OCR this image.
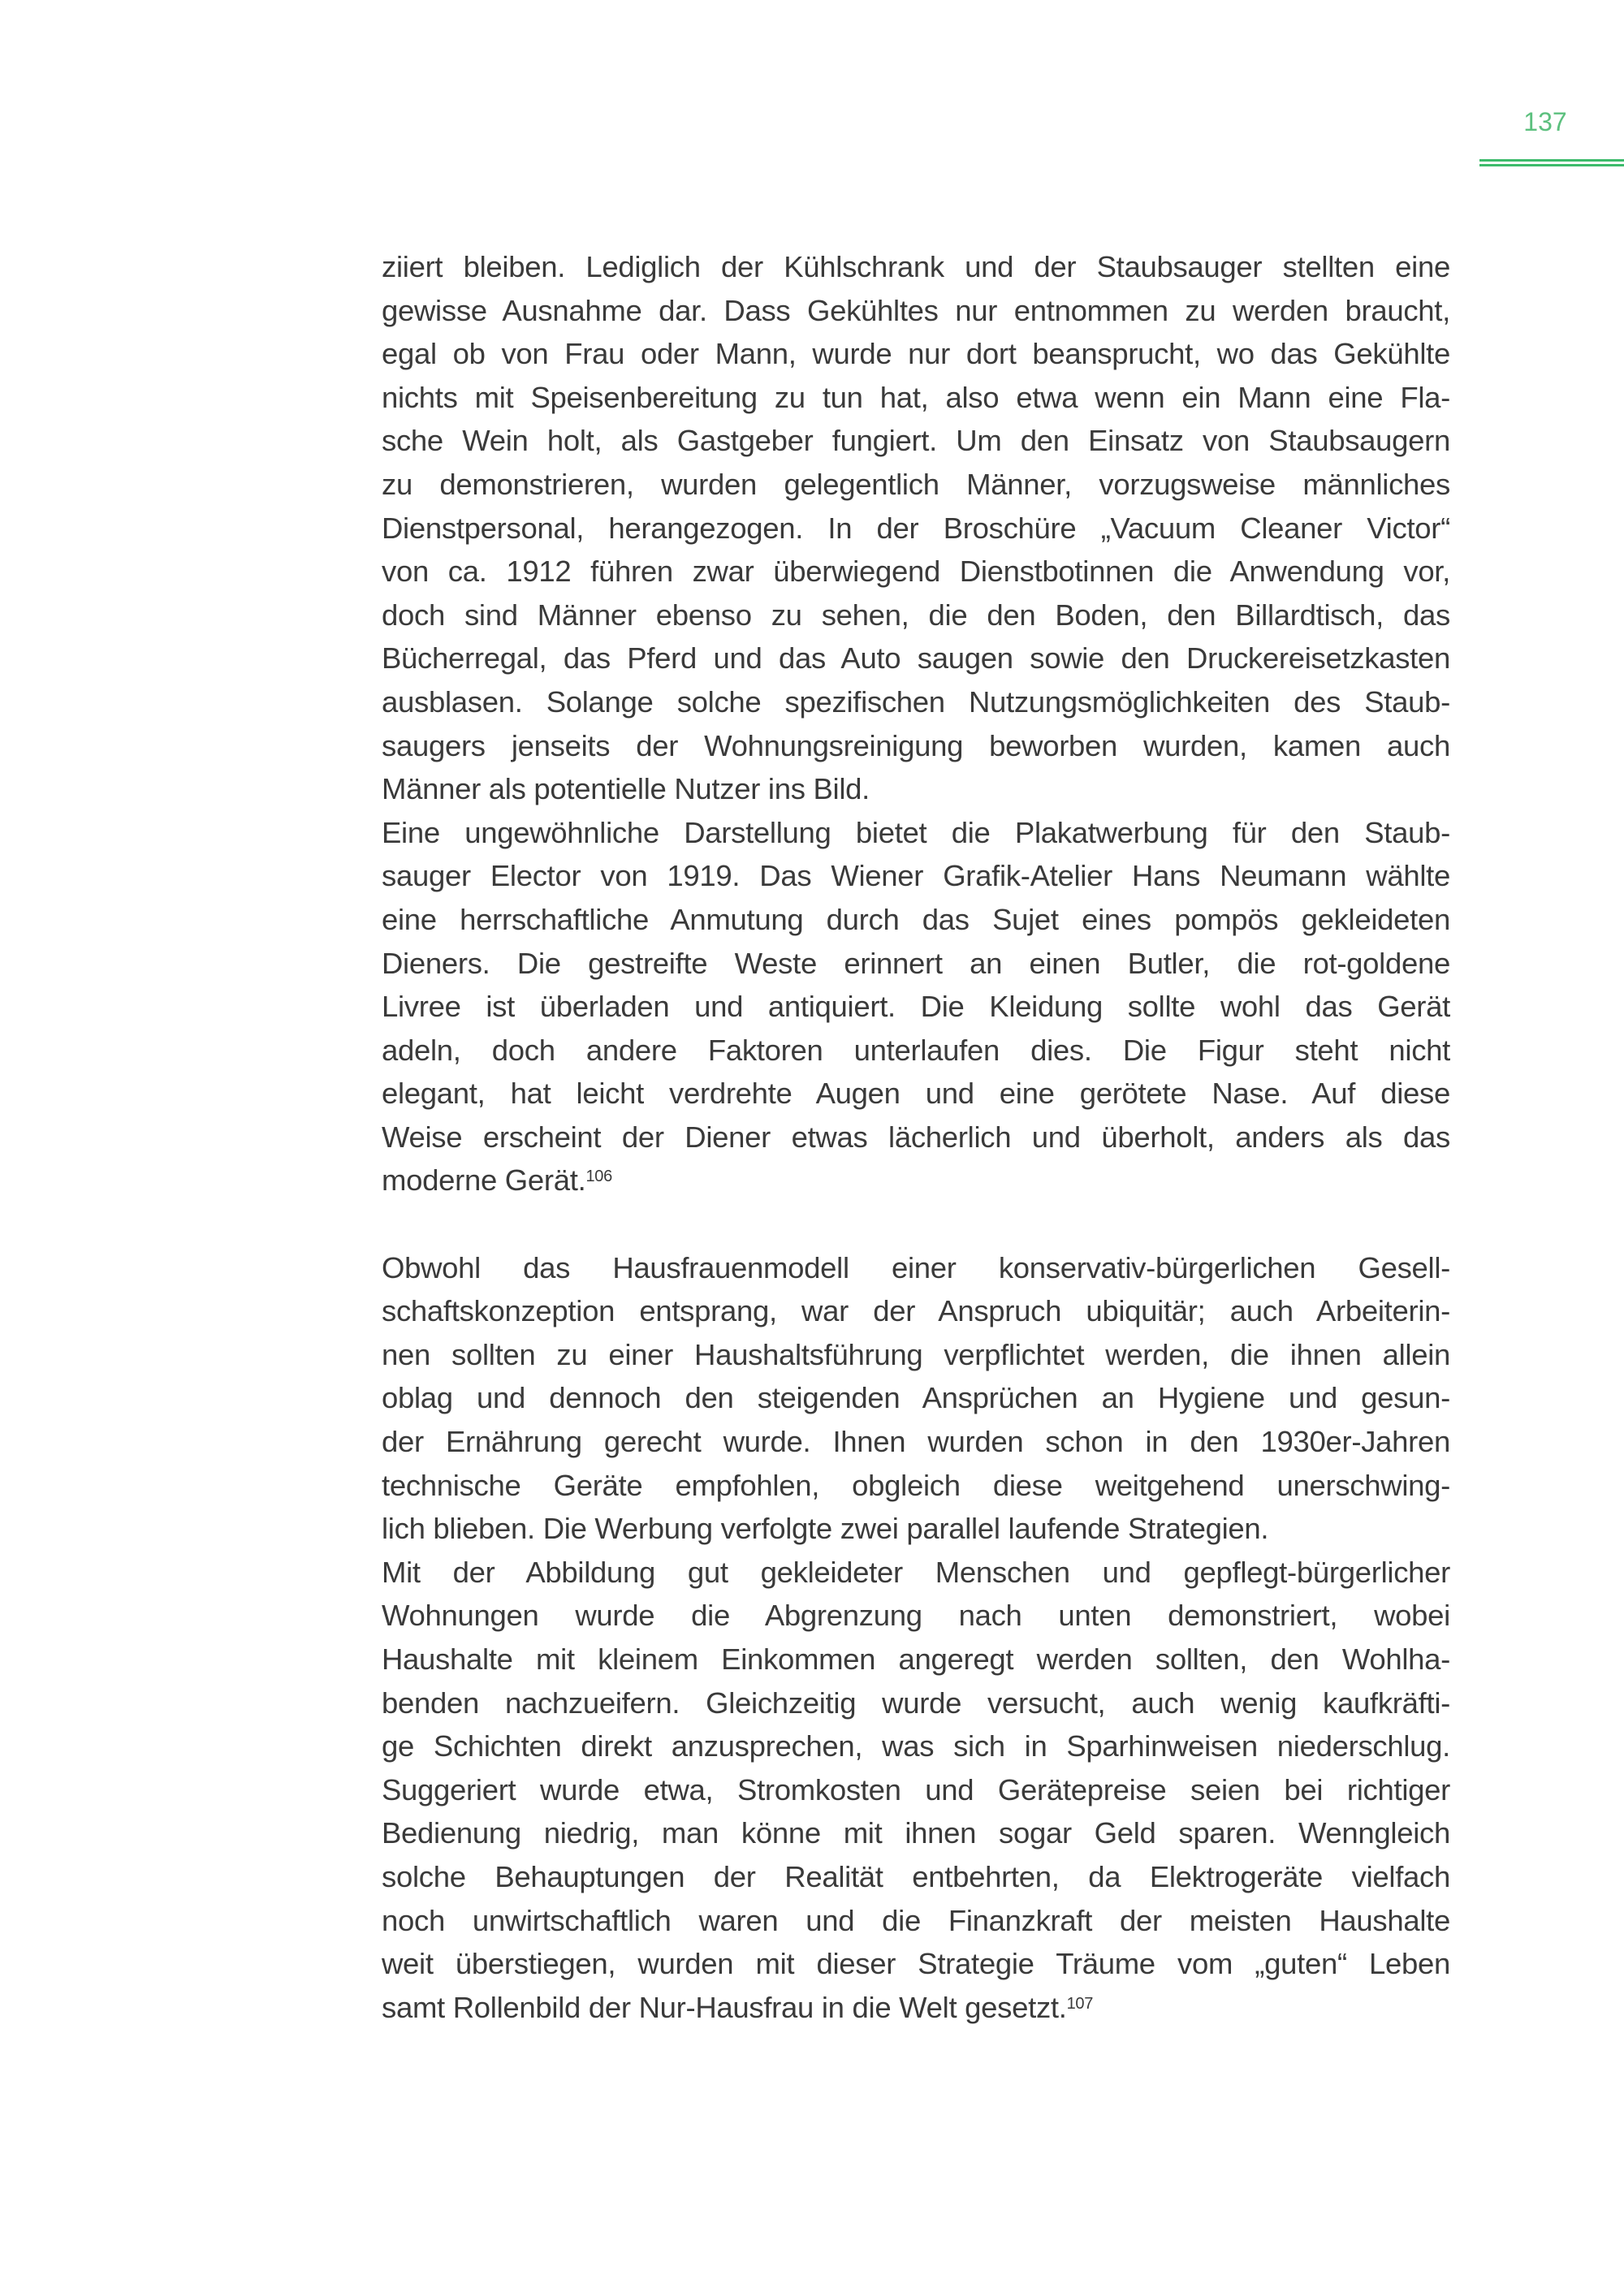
137
ziiert bleiben. Lediglich der Kühlschrank und der Staubsauger stellten eine
gewisse Ausnahme dar. Dass Gekühltes nur entnommen zu werden braucht,
egal ob von Frau oder Mann, wurde nur dort beansprucht, wo das Gekühlte
nichts mit Speisenbereitung zu tun hat, also etwa wenn ein Mann eine Fla-
sche Wein holt, als Gastgeber fungiert. Um den Einsatz von Staubsaugern
zu demonstrieren, wurden gelegentlich Männer, vorzugsweise männliches
Dienstpersonal, herangezogen. In der Broschüre „Vacuum Cleaner Victor“
von ca. 1912 führen zwar überwiegend Dienstbotinnen die Anwendung vor,
doch sind Männer ebenso zu sehen, die den Boden, den Billardtisch, das
Bücherregal, das Pferd und das Auto saugen sowie den Druckereisetzkasten
ausblasen. Solange solche spezifischen Nutzungsmöglichkeiten des Staub-
saugers jenseits der Wohnungsreinigung beworben wurden, kamen auch
Männer als potentielle Nutzer ins Bild.
Eine ungewöhnliche Darstellung bietet die Plakatwerbung für den Staub-
sauger Elector von 1919. Das Wiener Grafik-Atelier Hans Neumann wählte
eine herrschaftliche Anmutung durch das Sujet eines pompös gekleideten
Dieners. Die gestreifte Weste erinnert an einen Butler, die rot-goldene
Livree ist überladen und antiquiert. Die Kleidung sollte wohl das Gerät
adeln, doch andere Faktoren unterlaufen dies. Die Figur steht nicht
elegant, hat leicht verdrehte Augen und eine gerötete Nase. Auf diese
Weise erscheint der Diener etwas lächerlich und überholt, anders als das
moderne Gerät.$^{106}$
Obwohl das Hausfrauenmodell einer konservativ-bürgerlichen Gesell-
schaftskonzeption entsprang, war der Anspruch ubiquitär; auch Arbeiterin-
nen sollten zu einer Haushaltsführung verpflichtet werden, die ihnen allein
oblag und dennoch den steigenden Ansprüchen an Hygiene und gesun-
der Ernährung gerecht wurde. Ihnen wurden schon in den 1930er-Jahren
technische Geräte empfohlen, obgleich diese weitgehend unerschwing-
lich blieben. Die Werbung verfolgte zwei parallel laufende Strategien.
Mit der Abbildung gut gekleideter Menschen und gepflegt-bürgerlicher
Wohnungen wurde die Abgrenzung nach unten demonstriert, wobei
Haushalte mit kleinem Einkommen angeregt werden sollten, den Wohlha-
benden nachzueifern. Gleichzeitig wurde versucht, auch wenig kaufkräfti-
ge Schichten direkt anzusprechen, was sich in Sparhinweisen niederschlug.
Suggeriert wurde etwa, Stromkosten und Gerätepreise seien bei richtiger
Bedienung niedrig, man könne mit ihnen sogar Geld sparen. Wenngleich
solche Behauptungen der Realität entbehrten, da Elektrogeräte vielfach
noch unwirtschaftlich waren und die Finanzkraft der meisten Haushalte
weit überstiegen, wurden mit dieser Strategie Träume vom „guten“ Leben
samt Rollenbild der Nur-Hausfrau in die Welt gesetzt.$^{107}$
